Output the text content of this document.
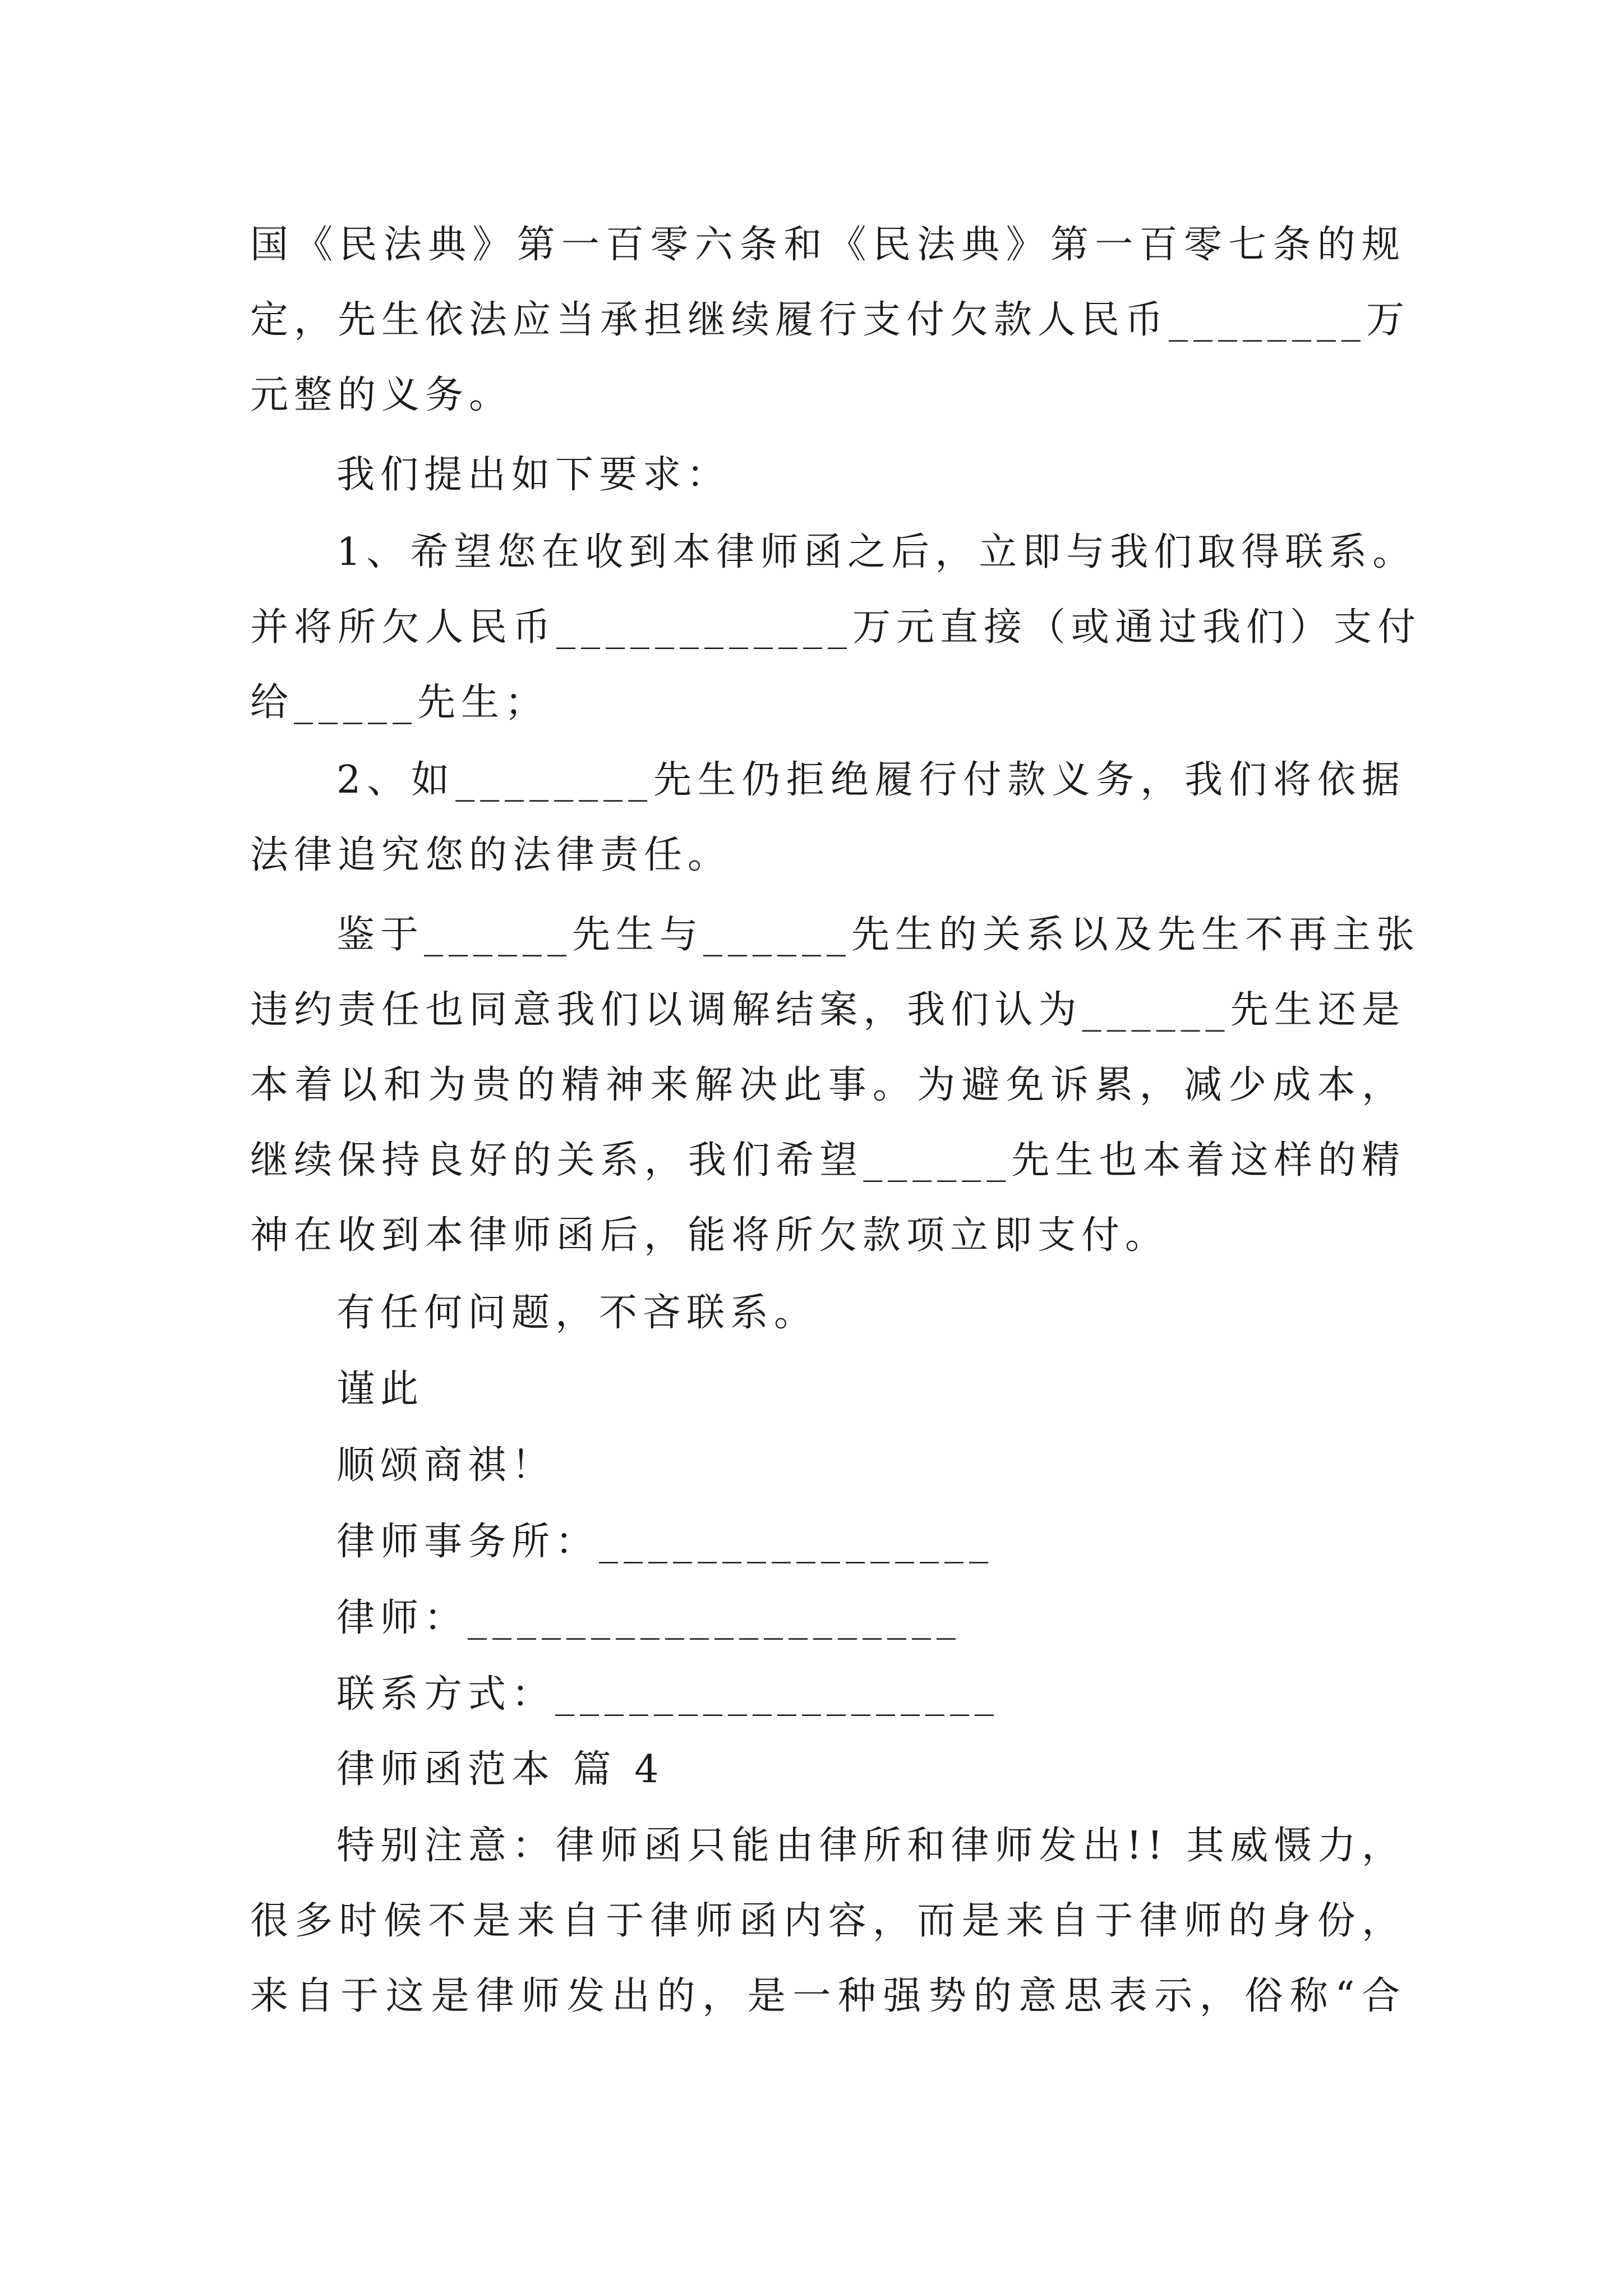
国《民法典》第一百零六条和《民法典》第一百零七条的规
定，先生依法应当承担继续履行支付欠款人民币________万
元整的义务。
我们提出如下要求：
1、希望您在收到本律师函之后，立即与我们取得联系。
并将所欠人民币____________万元直接（或通过我们）支付
给_____先生；
2、如________先生仍拒绝履行付款义务，我们将依据
法律追究您的法律责任。
鉴于______先生与______先生的关系以及先生不再主张
违约责任也同意我们以调解结案，我们认为______先生还是
本着以和为贵的精神来解决此事。为避免诉累，减少成本，
继续保持良好的关系，我们希望______先生也本着这样的精
神在收到本律师函后，能将所欠款项立即支付。
有任何问题，不吝联系。
谨此
顺颂商祺！
律师事务所：________________
律师：____________________
联系方式：__________________
律师函范本 篇 4
特别注意：律师函只能由律所和律师发出!! 其威慑力，
很多时候不是来自于律师函内容，而是来自于律师的身份，
来自于这是律师发出的，是一种强势的意思表示，俗称“合
